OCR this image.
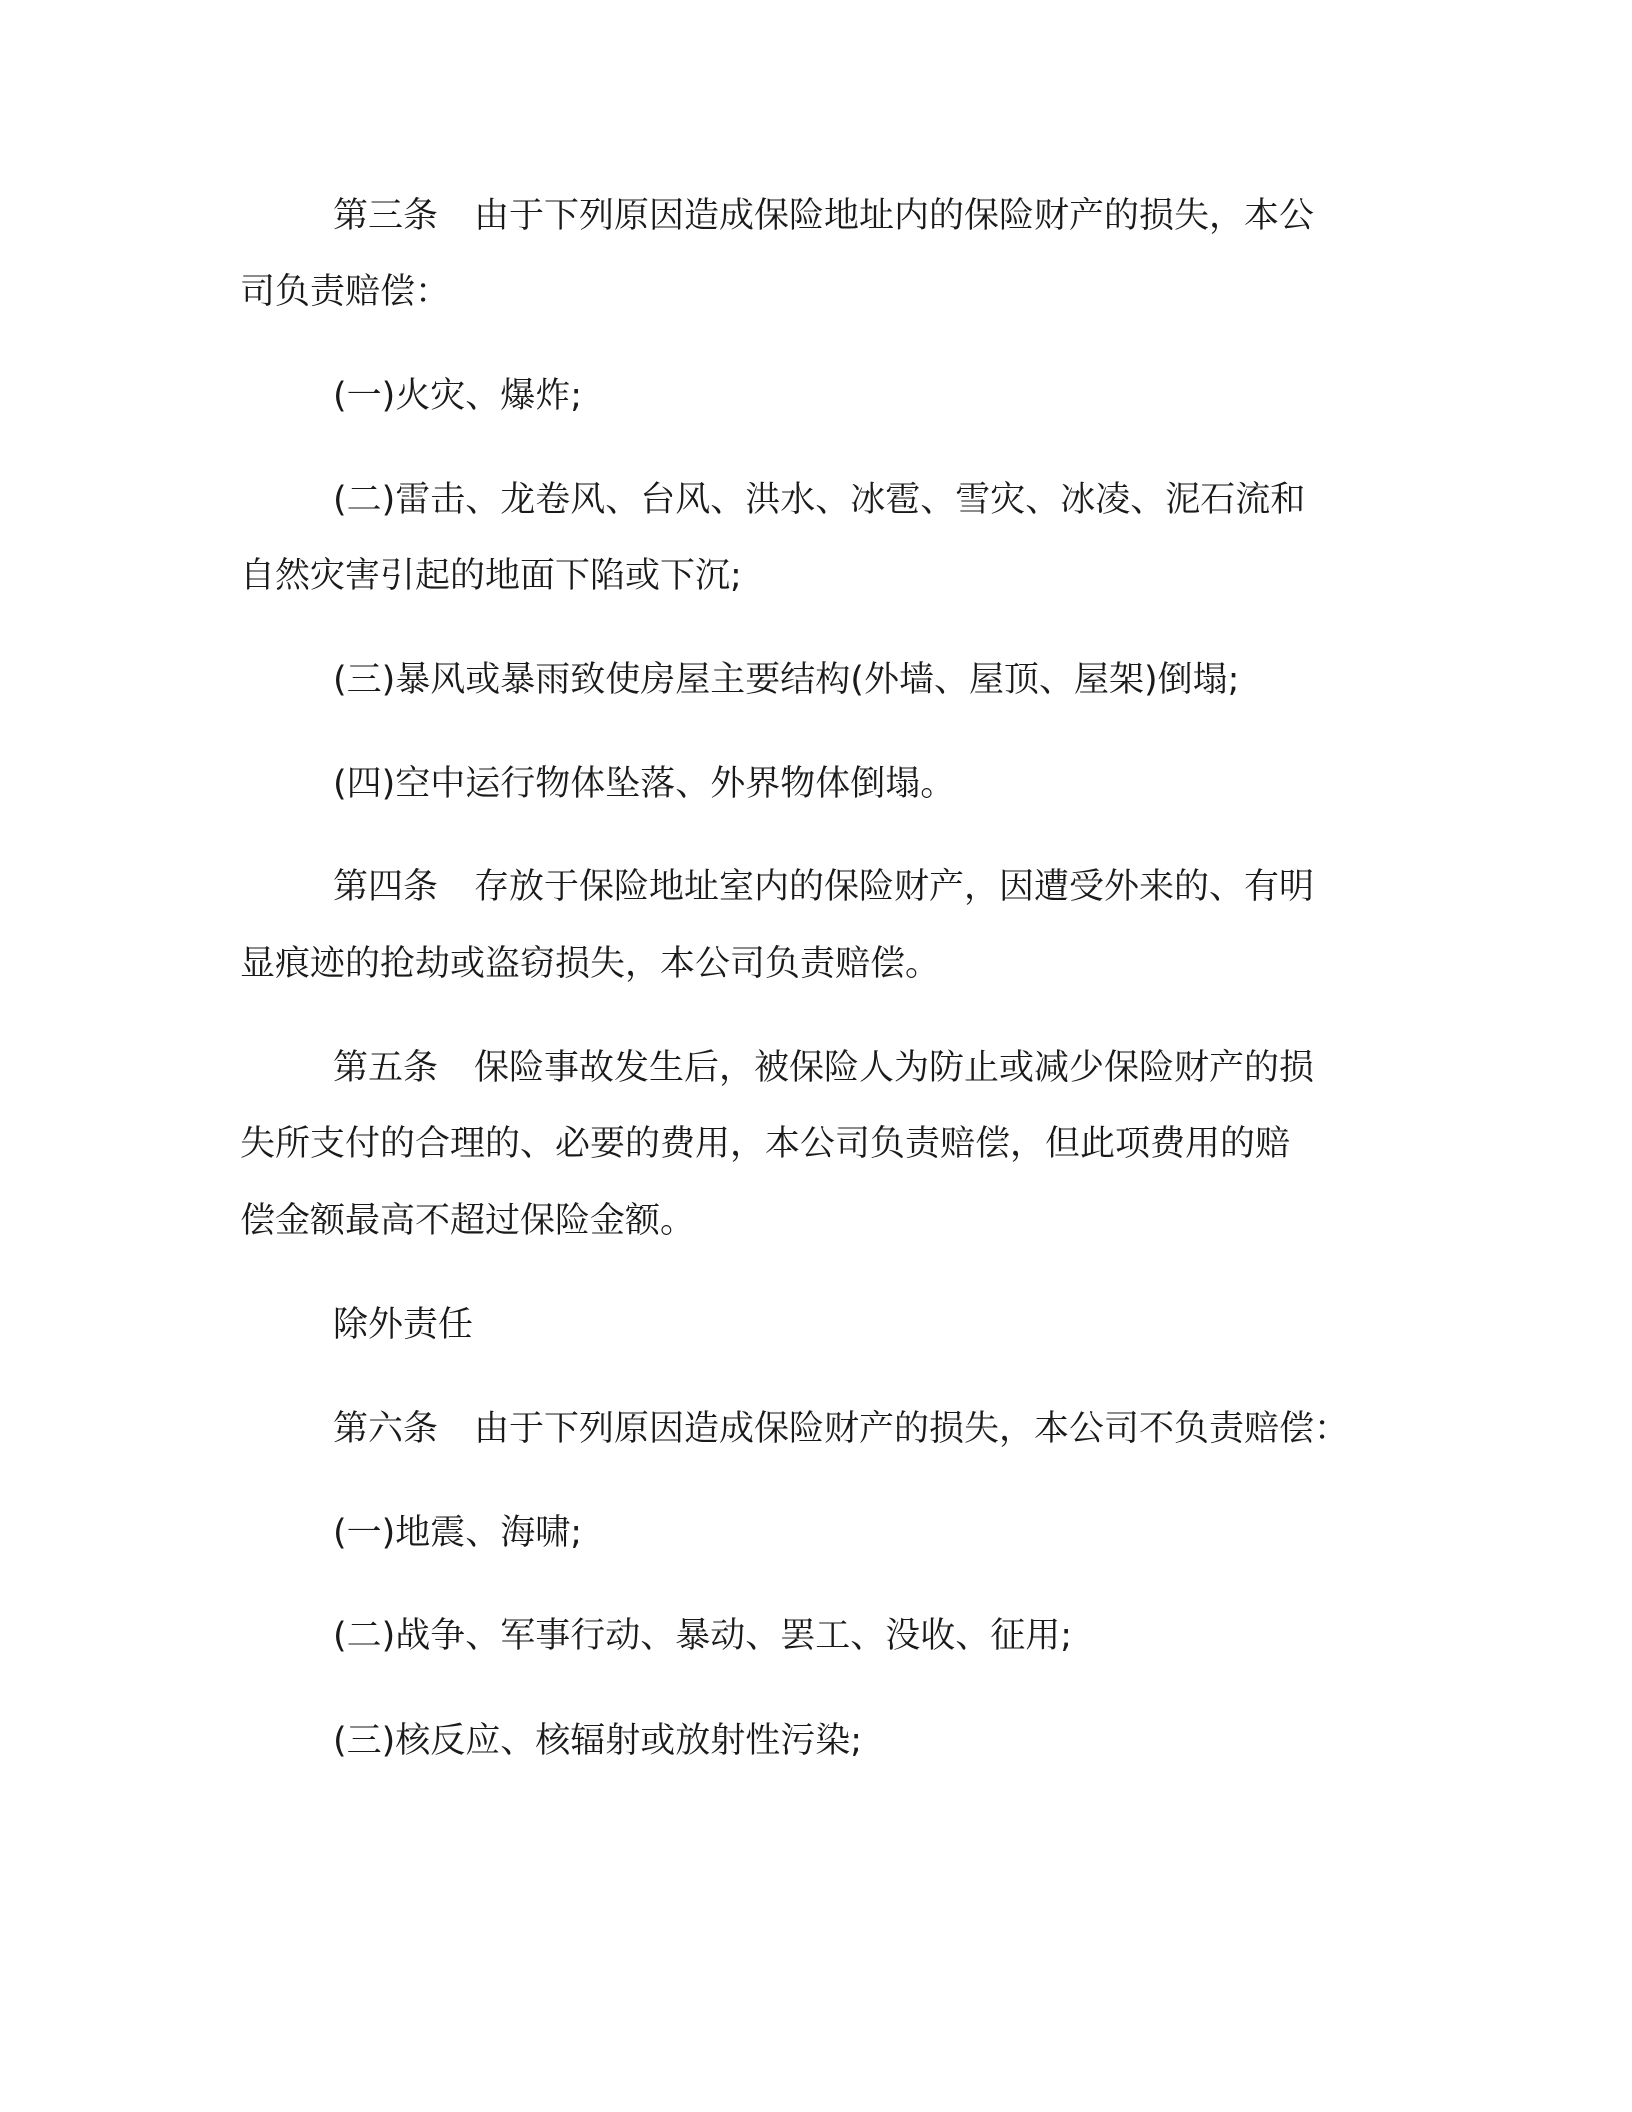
第三条 由于下列原因造成保险地址内的保险财产的损失，本公
司负责赔偿：
(一)火灾、爆炸;
(二)雷击、龙卷风、台风、洪水、冰雹、雪灾、冰凌、泥石流和
自然灾害引起的地面下陷或下沉;
(三)暴风或暴雨致使房屋主要结构(外墙、屋顶、屋架)倒塌;
(四)空中运行物体坠落、外界物体倒塌。
第四条 存放于保险地址室内的保险财产，因遭受外来的、有明
显痕迹的抢劫或盗窃损失，本公司负责赔偿。
第五条 保险事故发生后，被保险人为防止或减少保险财产的损
失所支付的合理的、必要的费用，本公司负责赔偿，但此项费用的赔
偿金额最高不超过保险金额。
除外责任
第六条 由于下列原因造成保险财产的损失，本公司不负责赔偿：
(一)地震、海啸;
(二)战争、军事行动、暴动、罢工、没收、征用;
(三)核反应、核辐射或放射性污染;
